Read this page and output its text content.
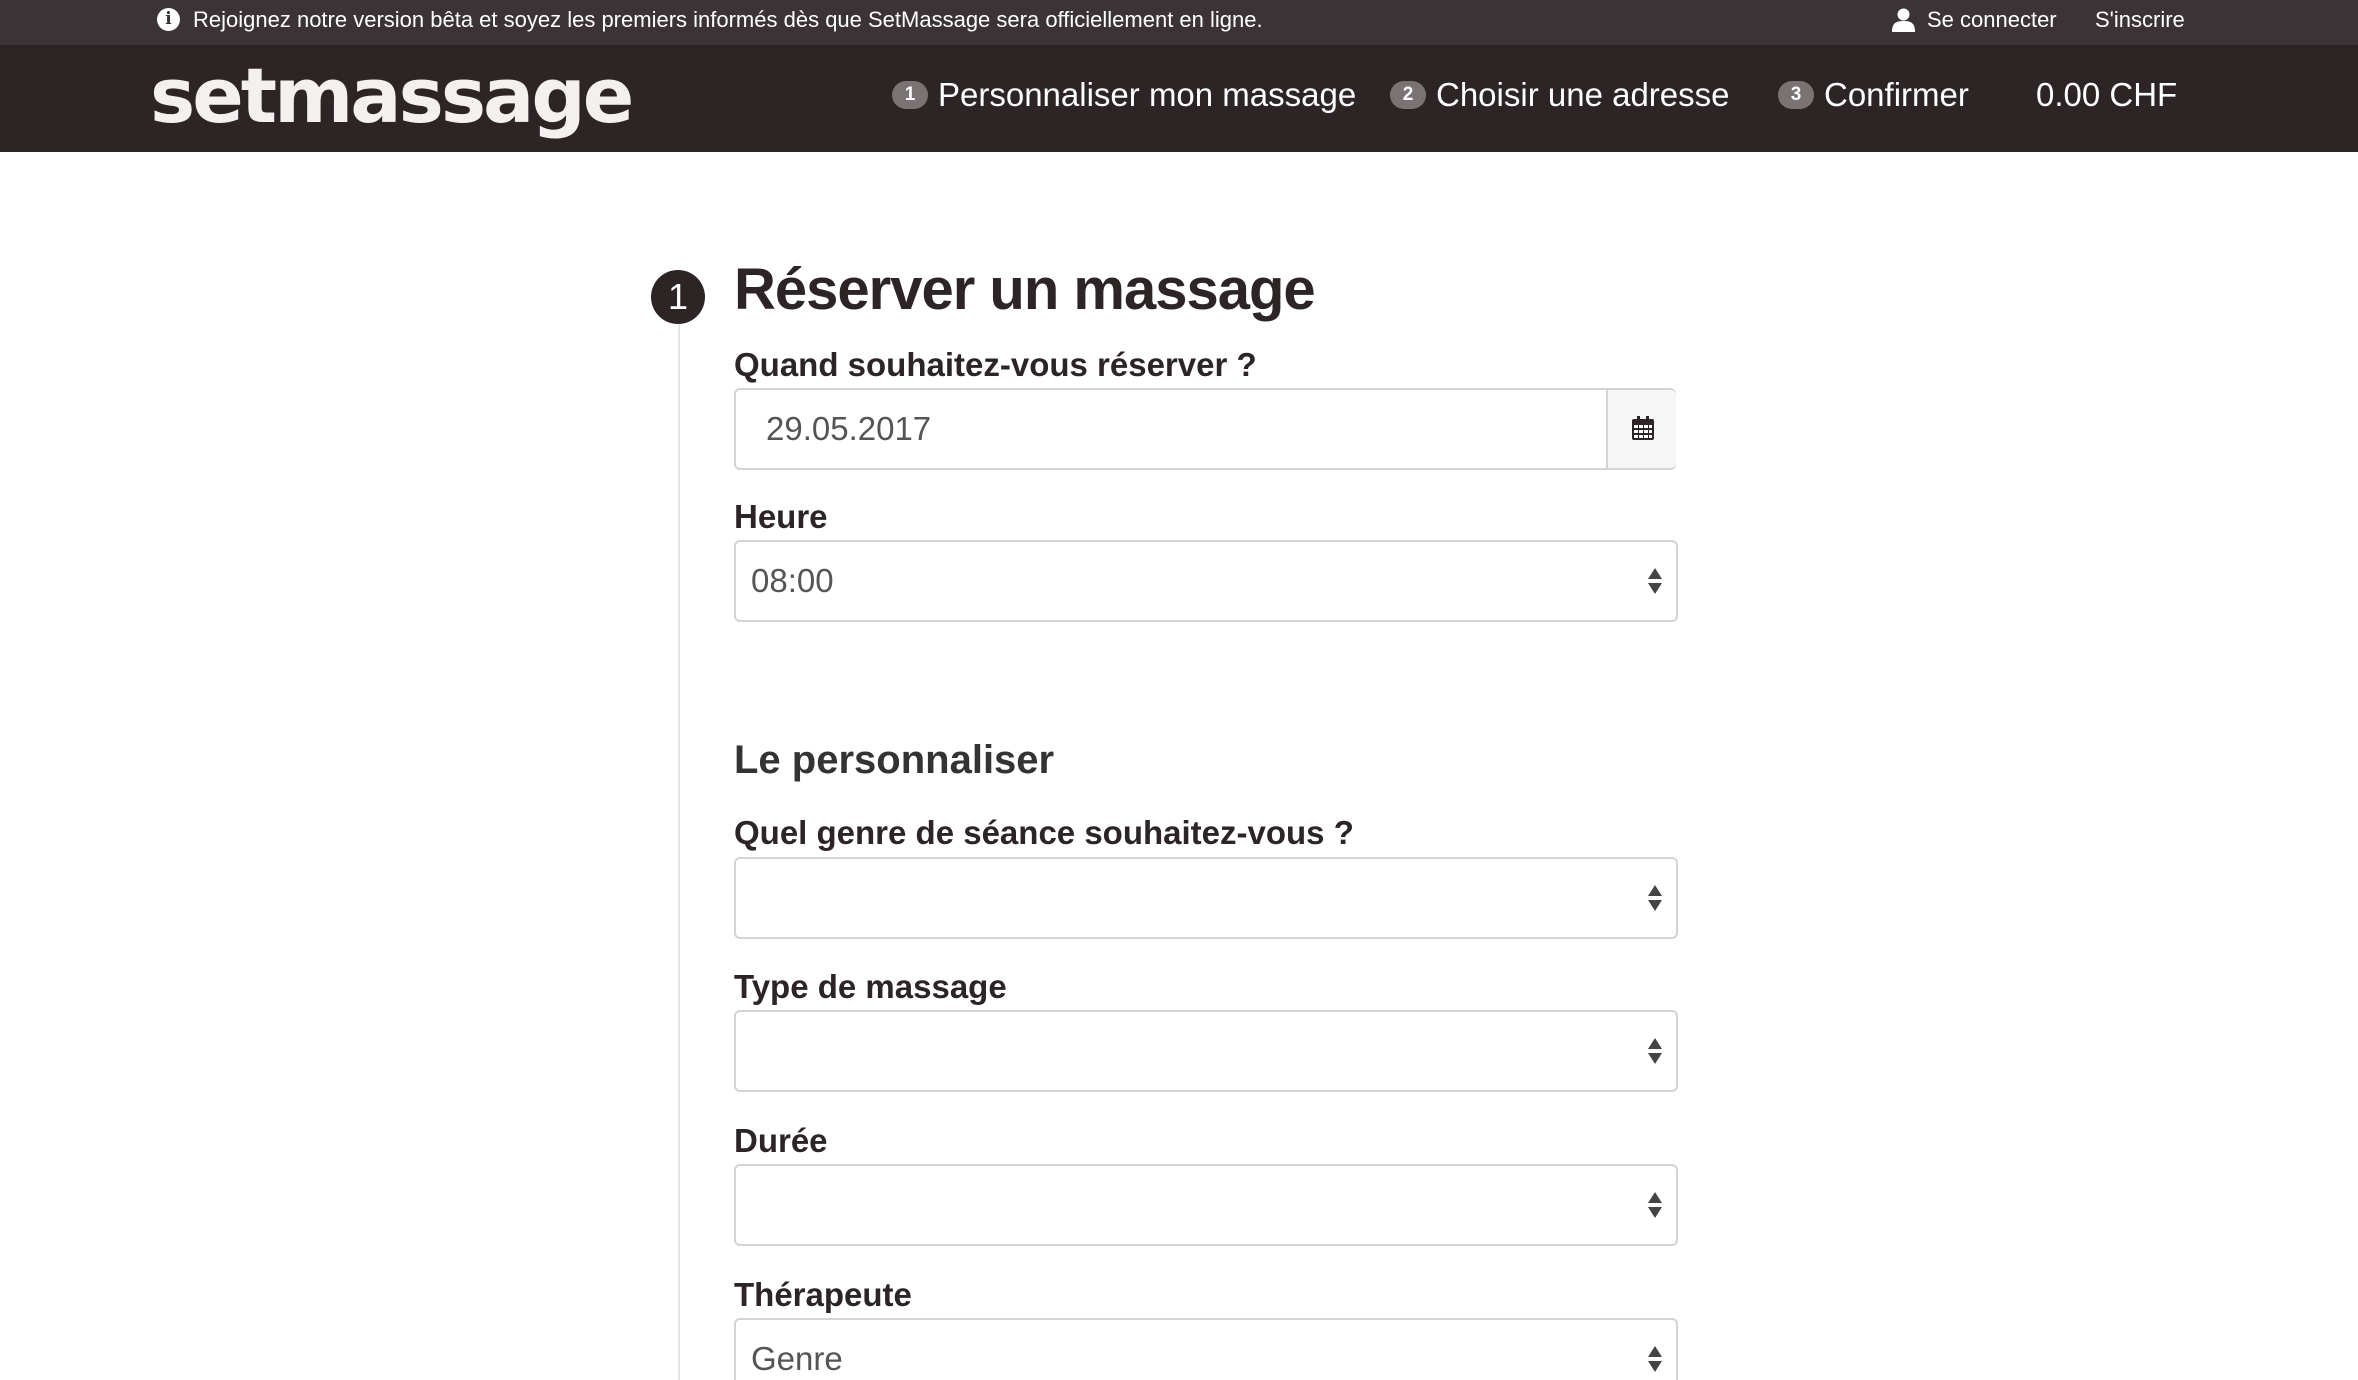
i Rejoignez notre version bêta et soyez les premiers informés dès que SetMassage sera officiellement en ligne.	Se connecter S'inscrire
setmassage	1 Personnaliser mon massage	2 Choisir une adresse	3 Confirmer 0.00 CHF
1 Réserver un massage
Quand souhaitez-vous réserver ?
29.05.2017
Heure
08:00
Le personnaliser
Quel genre de séance souhaitez-vous ?
Type de massage
Durée
Thérapeute
Genre
